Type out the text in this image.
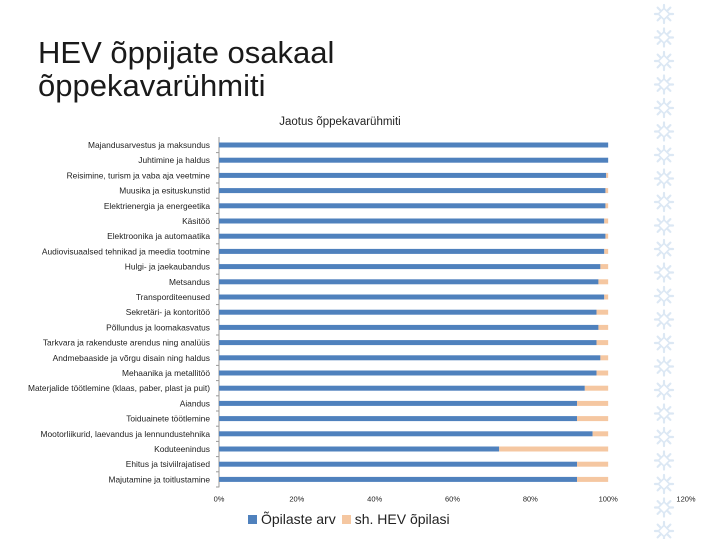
HEV õppijate osakaal
õppekavarühmiti
Jaotus õppekavarühmiti
Majandusarvestus ja maksundus
Juhtimine ja haldus
Reisimine, turism ja vaba aja veetmine
Muusika ja esituskunstid
Elektrienergia ja energeetika
Käsitöö
Elektroonika ja automaatika
Audiovisuaalsed tehnikad ja meedia tootmine
Hulgi- ja jaekaubandus
Metsandus
Transporditeenused
Sekretäri- ja kontoritöö
Põllundus ja loomakasvatus
Tarkvara ja rakenduste arendus ning analüüs
Andmebaaside ja võrgu disain ning haldus
Mehaanika ja metallitöö
Materjalide töötlemine (klaas, paber, plast ja puit)
Aiandus
Toiduainete töötlemine
Mootorliikurid, laevandus ja lennundustehnika
Koduteenindus
Ehitus ja tsiviilrajatised
Majutamine ja toitlustamine
0%	20%	40%	60%	80%	100%	120%
Õpilaste arv sh. HEV õpilasi
